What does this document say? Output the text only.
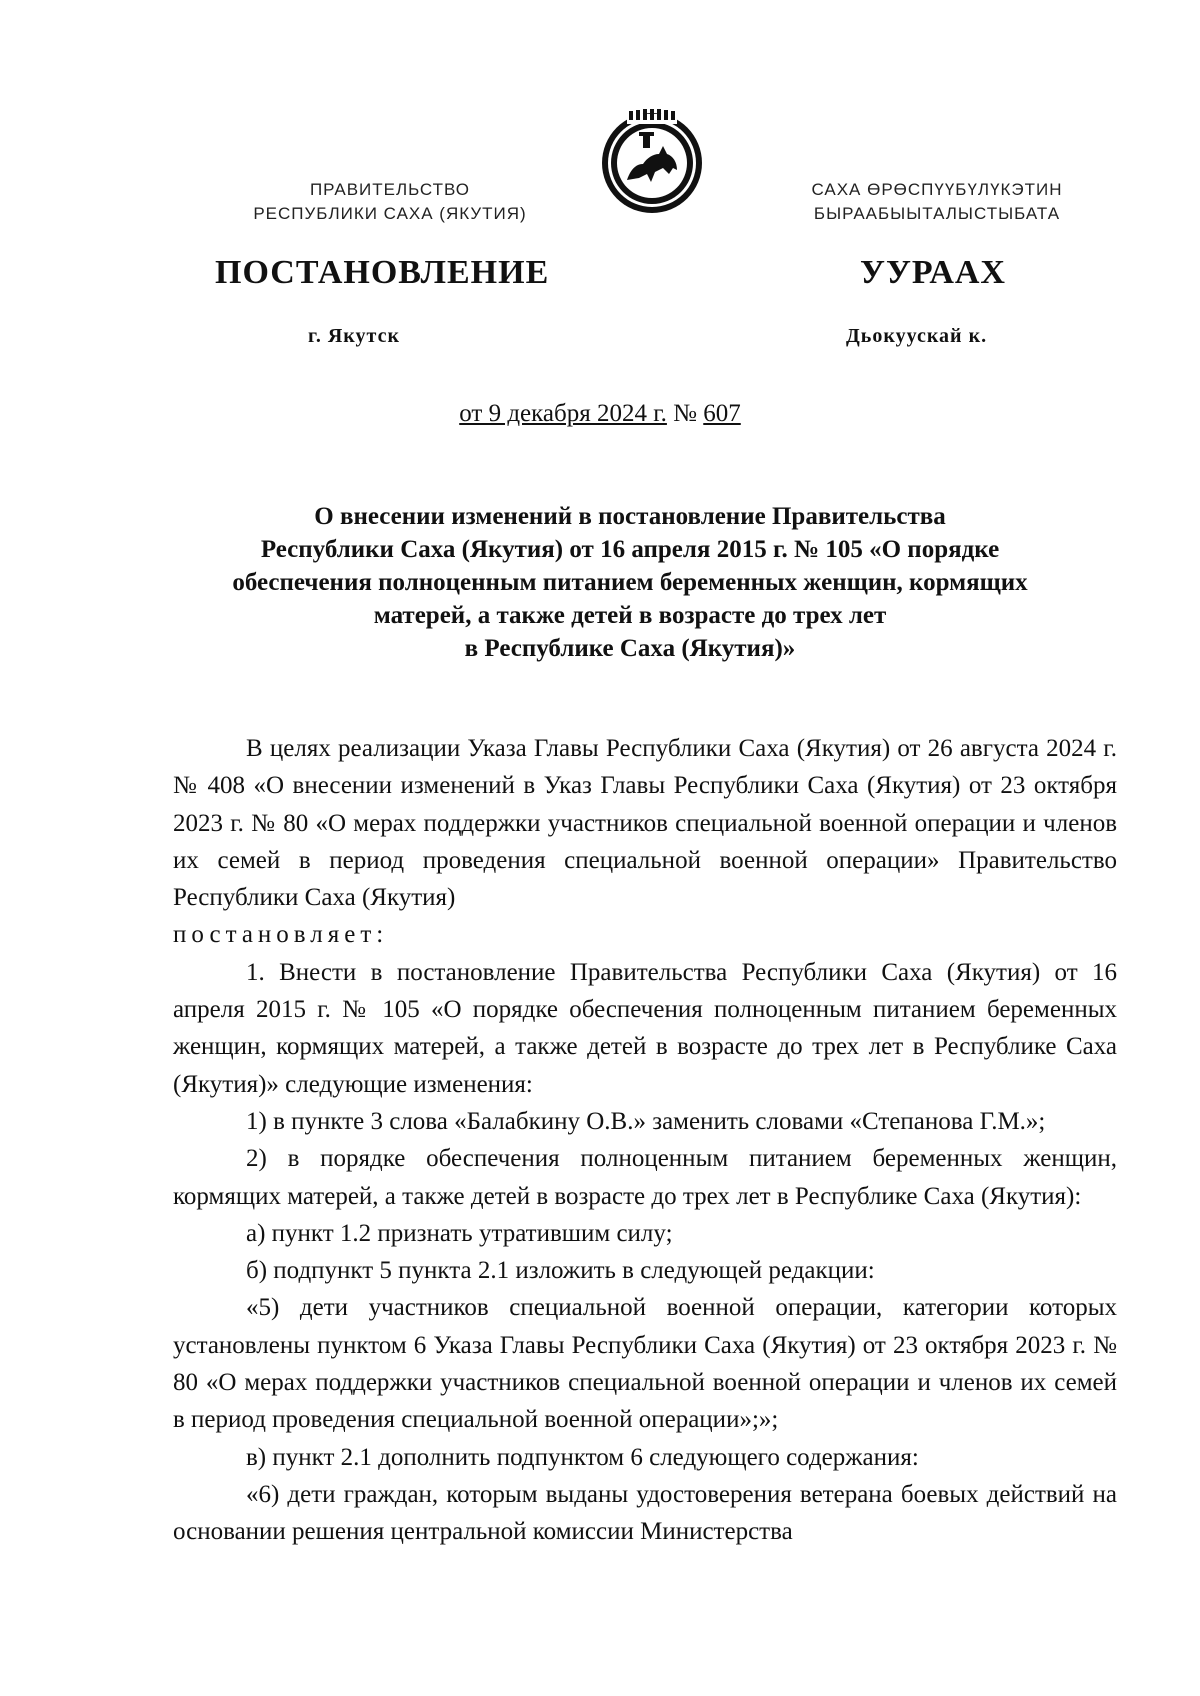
ПРАВИТЕЛЬСТВО
РЕСПУБЛИКИ САХА (ЯКУТИЯ)
САХА ӨРӨСПҮҮБҮЛҮКЭТИН
БЫРААБЫЫТАЛЫСТЫБАТА
ПОСТАНОВЛЕНИЕ	УУРААХ
г. Якутск	Дьокуускай к.
от 9 декабря 2024 г. № 607
О внесении изменений в постановление Правительства
Республики Саха (Якутия) от 16 апреля 2015 г. № 105 «О порядке
обеспечения полноценным питанием беременных женщин, кормящих
матерей, а также детей в возрасте до трех лет
в Республике Саха (Якутия)»

В целях реализации Указа Главы Республики Саха (Якутия) от 26 августа 2024 г. № 408 «О внесении изменений в Указ Главы Республики Саха (Якутия) от 23 октября 2023 г. № 80 «О мерах поддержки участников специальной военной операции и членов их семей в период проведения специальной военной операции» Правительство Республики Саха (Якутия)
постановляет:

1. Внести в постановление Правительства Республики Саха (Якутия) от 16 апреля 2015 г. № 105 «О порядке обеспечения полноценным питанием беременных женщин, кормящих матерей, а также детей в возрасте до трех лет в Республике Саха (Якутия)» следующие изменения:

1) в пункте 3 слова «Балабкину О.В.» заменить словами «Степанова Г.М.»;

2) в порядке обеспечения полноценным питанием беременных женщин, кормящих матерей, а также детей в возрасте до трех лет в Республике Саха (Якутия):

а) пункт 1.2 признать утратившим силу;

б) подпункт 5 пункта 2.1 изложить в следующей редакции:

«5) дети участников специальной военной операции, категории которых установлены пунктом 6 Указа Главы Республики Саха (Якутия) от 23 октября 2023 г. № 80 «О мерах поддержки участников специальной военной операции и членов их семей в период проведения специальной военной операции»;»;

в) пункт 2.1 дополнить подпунктом 6 следующего содержания:

«6) дети граждан, которым выданы удостоверения ветерана боевых действий на основании решения центральной комиссии Министерства
